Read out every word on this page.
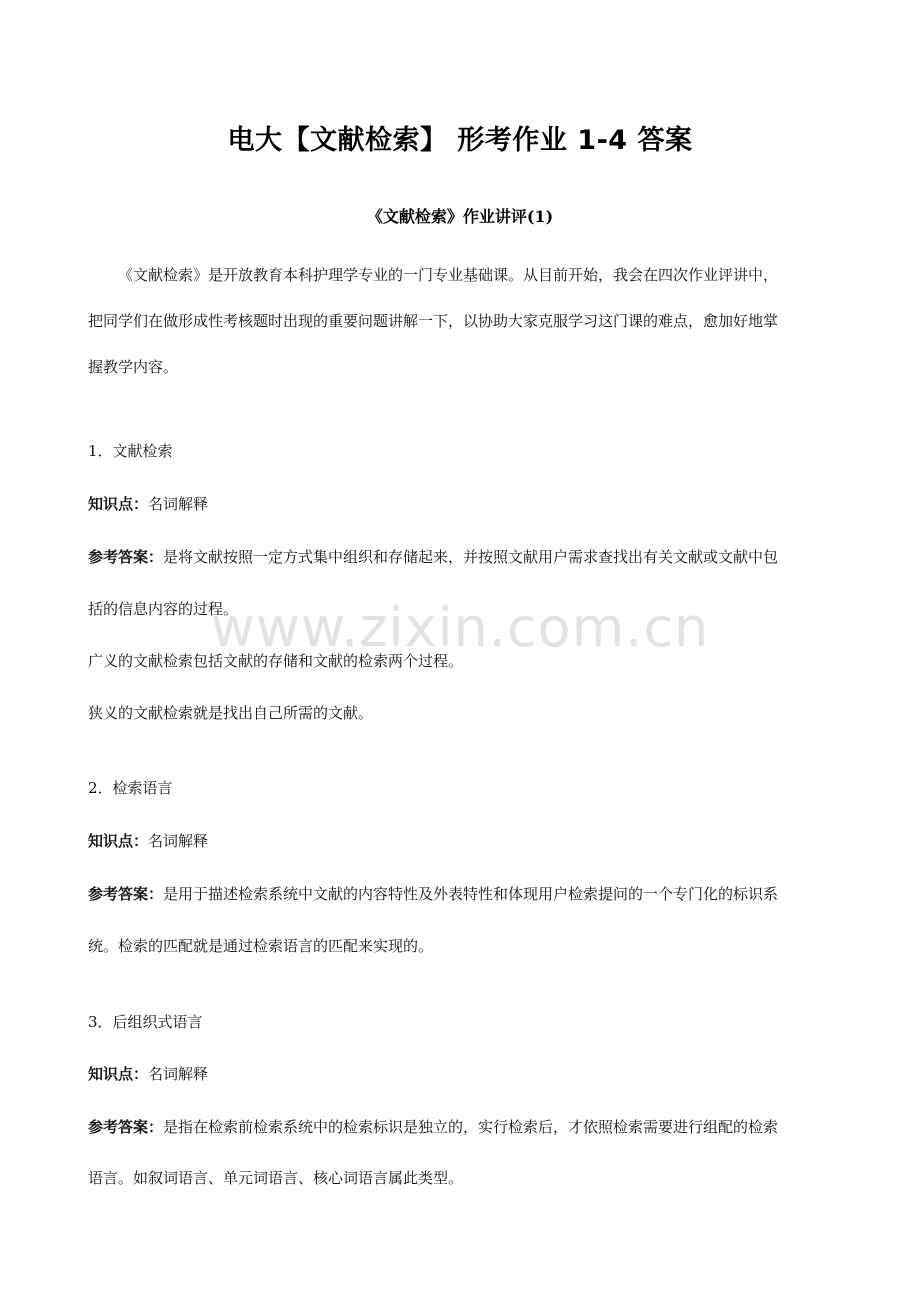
电大【文献检索】 形考作业 1-4 答案
《文献检索》作业讲评(1)
《文献检索》是开放教育本科护理学专业的一门专业基础课。从目前开始，我会在四次作业评讲中，
把同学们在做形成性考核题时出现的重要问题讲解一下，以协助大家克服学习这门课的难点，愈加好地掌
握教学内容。
1．文献检索
知识点：名词解释
参考答案：是将文献按照一定方式集中组织和存储起来，并按照文献用户需求查找出有关文献或文献中包
括的信息内容的过程。
广义的文献检索包括文献的存储和文献的检索两个过程。
狭义的文献检索就是找出自己所需的文献。
2．检索语言
知识点：名词解释
参考答案：是用于描述检索系统中文献的内容特性及外表特性和体现用户检索提问的一个专门化的标识系
统。检索的匹配就是通过检索语言的匹配来实现的。
3．后组织式语言
知识点：名词解释
参考答案：是指在检索前检索系统中的检索标识是独立的，实行检索后，才依照检索需要进行组配的检索
语言。如叙词语言、单元词语言、核心词语言属此类型。
www.zixin.com.cn
